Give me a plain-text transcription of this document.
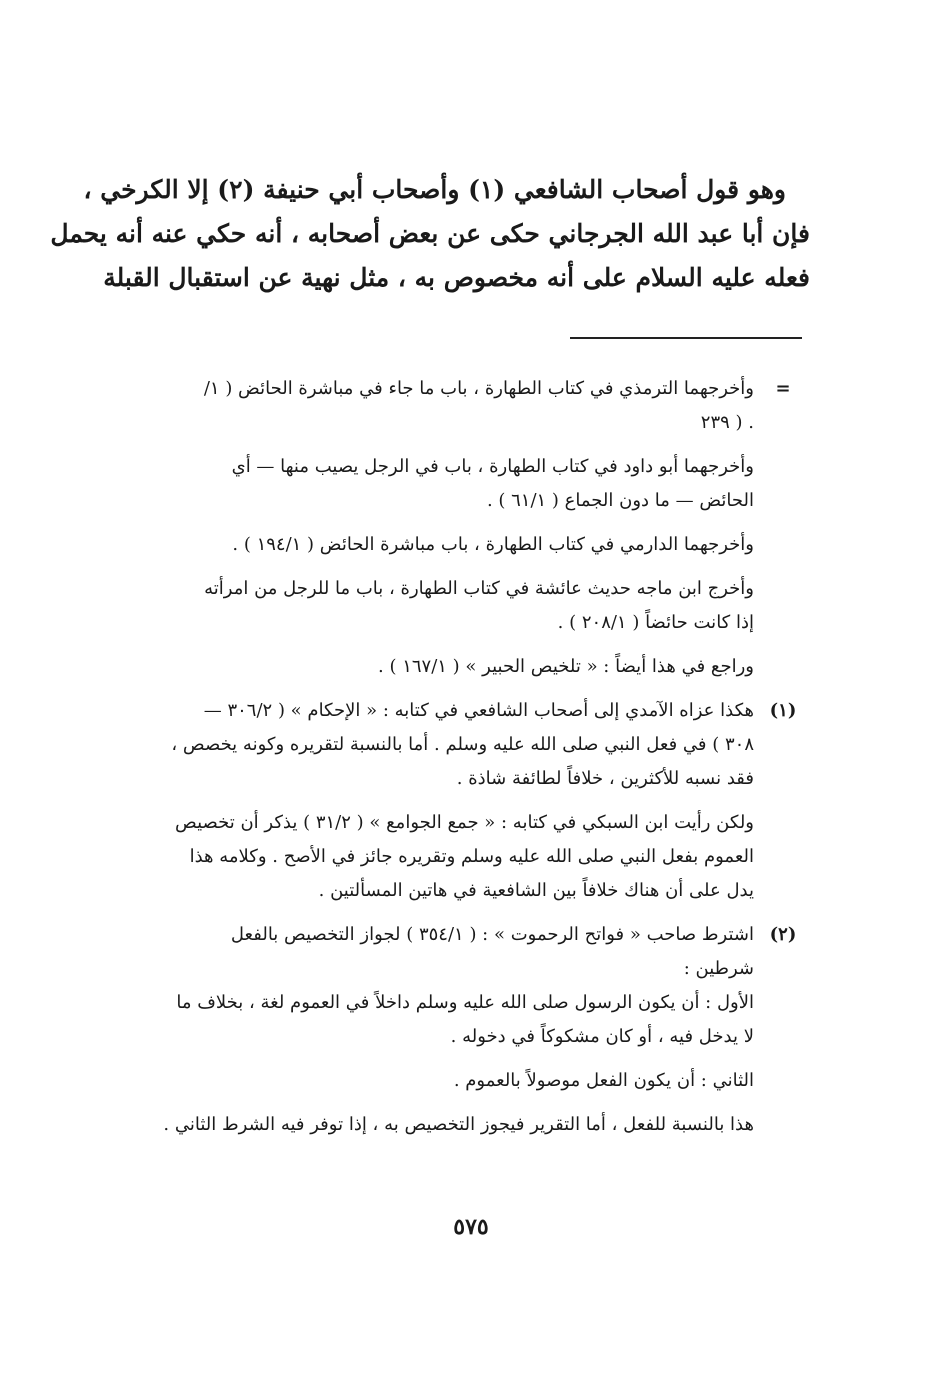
وهو قول أصحاب الشافعي (١) وأصحاب أبي حنيفة (٢) إلا الكرخي ،
فإن أبا عبد الله الجرجاني حكى عن بعض أصحابه ، أنه حكي عنه أنه يحمل
فعله عليه السلام على أنه مخصوص به ، مثل نهية عن استقبال القبلة
=
وأخرجهما الترمذي في كتاب الطهارة ، باب ما جاء في مباشرة الحائض ( ١/
. ( ٢٣٩
وأخرجهما أبو داود في كتاب الطهارة ، باب في الرجل يصيب منها — أي
الحائض — ما دون الجماع ( ٦١/١ ) .
وأخرجهما الدارمي في كتاب الطهارة ، باب مباشرة الحائض ( ١٩٤/١ ) .
وأخرج ابن ماجه حديث عائشة في كتاب الطهارة ، باب ما للرجل من امرأته
إذا كانت حائضاً ( ٢٠٨/١ ) .
وراجع في هذا أيضاً : « تلخيص الحبير » ( ١٦٧/١ ) .
(١)
هكذا عزاه الآمدي إلى أصحاب الشافعي في كتابه : « الإحكام » ( ٣٠٦/٢ —
٣٠٨ ) في فعل النبي صلى الله عليه وسلم . أما بالنسبة لتقريره وكونه يخصص ،
فقد نسبه للأكثرين ، خلافاً لطائفة شاذة .
ولكن رأيت ابن السبكي في كتابه : « جمع الجوامع » ( ٣١/٢ ) يذكر أن تخصيص
العموم بفعل النبي صلى الله عليه وسلم وتقريره جائز في الأصح . وكلامه هذا
يدل على أن هناك خلافاً بين الشافعية في هاتين المسألتين .
(٢)
اشترط صاحب « فواتح الرحموت » : ( ٣٥٤/١ ) لجواز التخصيص بالفعل
شرطين :
الأول : أن يكون الرسول صلى الله عليه وسلم داخلاً في العموم لغة ، بخلاف ما
لا يدخل فيه ، أو كان مشكوكاً في دخوله .
الثاني : أن يكون الفعل موصولاً بالعموم .
هذا بالنسبة للفعل ، أما التقرير فيجوز التخصيص به ، إذا توفر فيه الشرط الثاني .
٥٧٥
